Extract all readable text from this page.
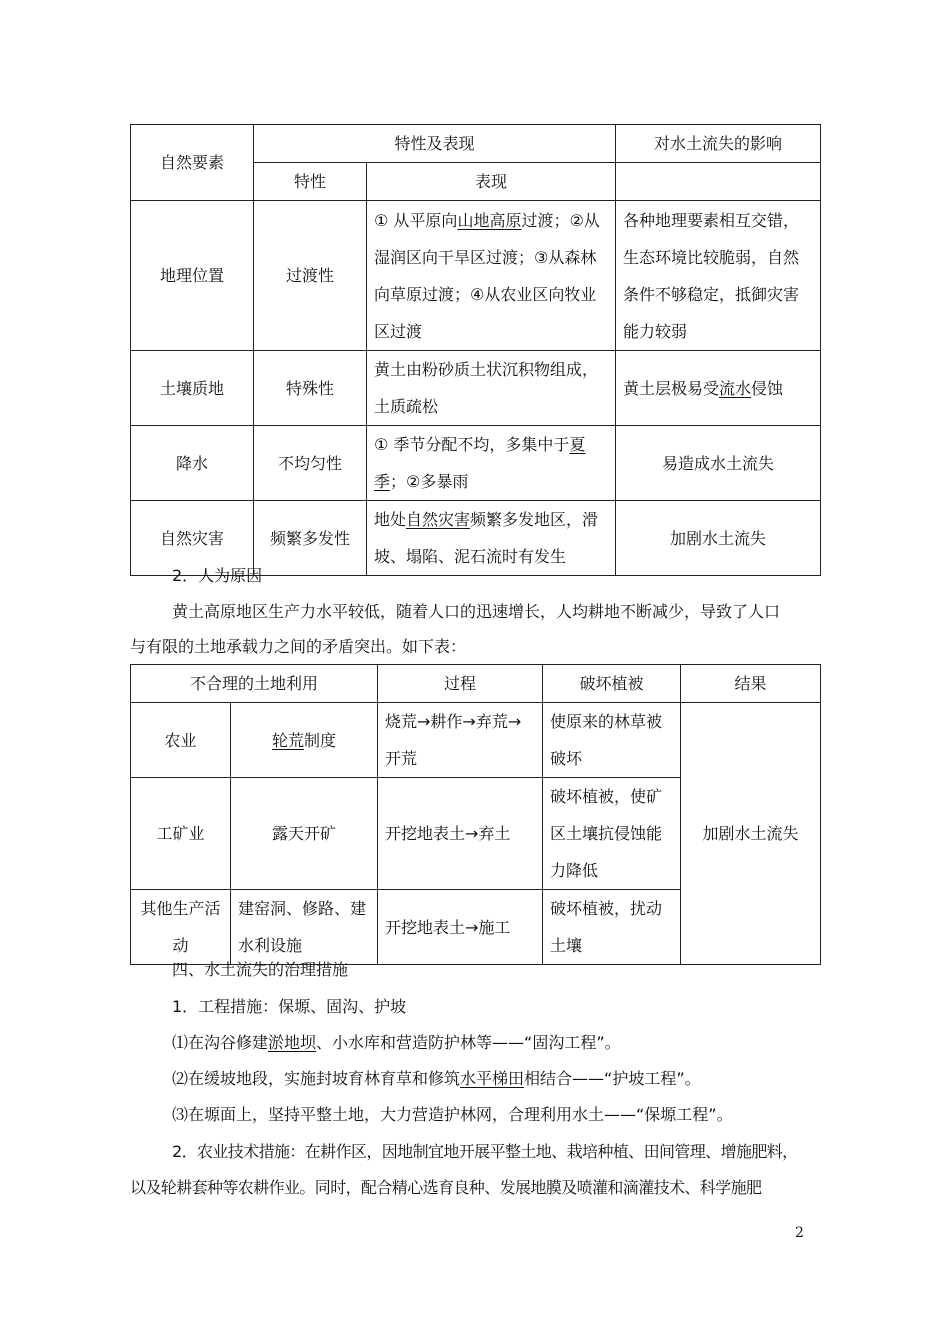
自然要素	特性及表现		对水土流失的影响
	特性	表现	
地理位置	过渡性	① 从平原向山地高原过渡；②从湿润区向干旱区过渡；③从森林向草原过渡；④从农业区向牧业区过渡	各种地理要素相互交错，生态环境比较脆弱，自然条件不够稳定，抵御灾害能力较弱
土壤质地	特殊性	黄土由粉砂质土状沉积物组成，土质疏松	黄土层极易受流水侵蚀
降水	不均匀性	① 季节分配不均，多集中于夏季；②多暴雨	易造成水土流失
自然灾害	频繁多发性	地处自然灾害频繁多发地区，滑坡、塌陷、泥石流时有发生	加剧水土流失
2．人为原因
黄土高原地区生产力水平较低，随着人口的迅速增长，人均耕地不断减少，导致了人口
与有限的土地承载力之间的矛盾突出。如下表：
不合理的土地利用		过程	破坏植被	结果
农业	轮荒制度	烧荒→耕作→弃荒→开荒	使原来的林草被破坏	加剧水土流失
工矿业	露天开矿	开挖地表土→弃土	破坏植被，使矿区土壤抗侵蚀能力降低	
其他生产活动	建窑洞、修路、建水利设施	开挖地表土→施工	破坏植被，扰动土壤	
四、水土流失的治理措施
1．工程措施：保塬、固沟、护坡
⑴在沟谷修建淤地坝、小水库和营造防护林等——“固沟工程”。
⑵在缓坡地段，实施封坡育林育草和修筑水平梯田相结合——“护坡工程”。
⑶在塬面上，坚持平整土地，大力营造护林网，合理利用水土——“保塬工程”。
2．农业技术措施：在耕作区，因地制宜地开展平整土地、栽培种植、田间管理、增施肥料，
以及轮耕套种等农耕作业。同时，配合精心选育良种、发展地膜及喷灌和滴灌技术、科学施肥
2
